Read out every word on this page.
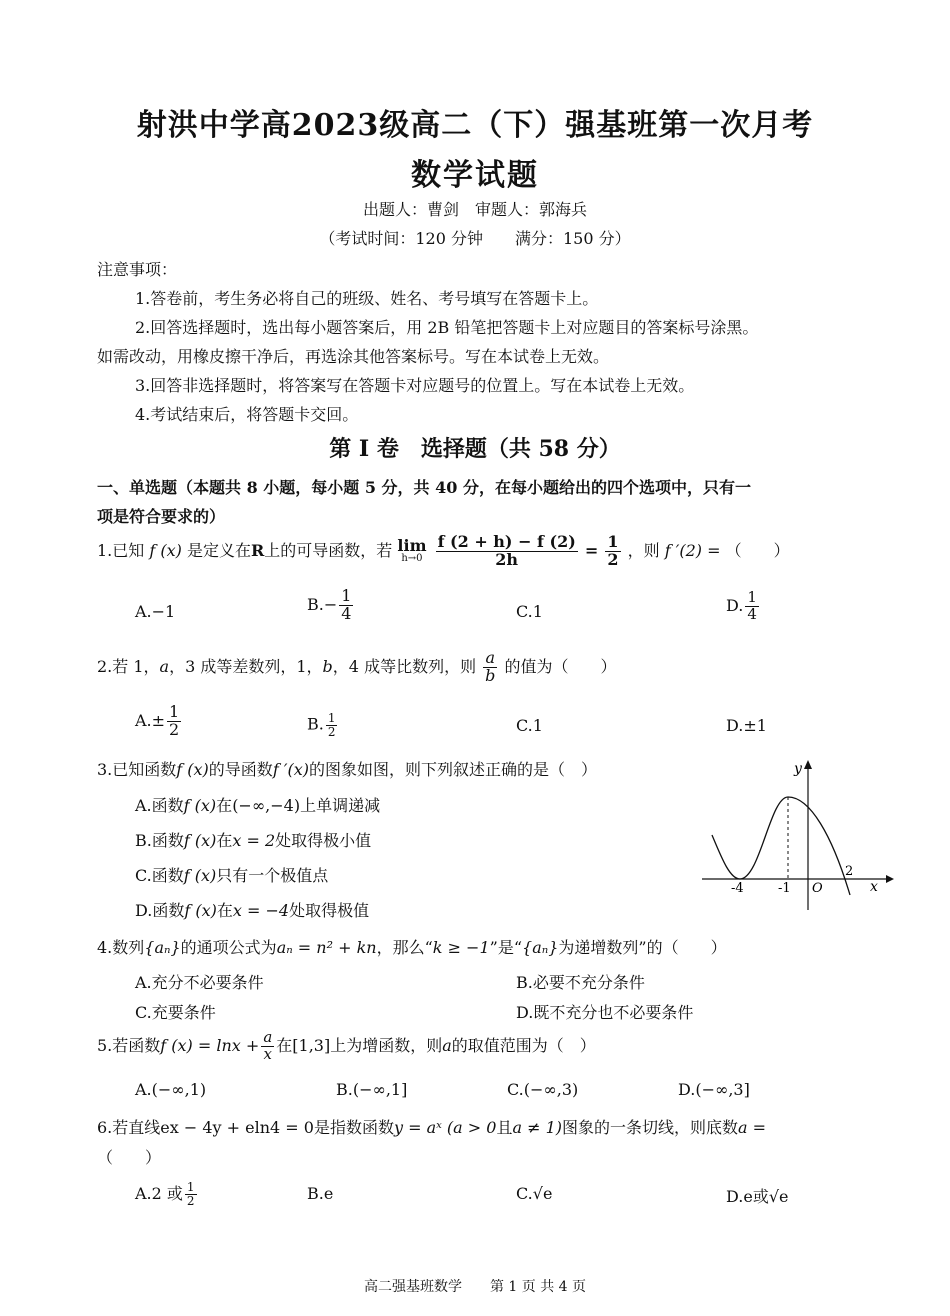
射洪中学高2023级高二（下）强基班第一次月考
数学试题
出题人：曹剑　审题人：郭海兵
（考试时间：120 分钟　　满分：150 分）
注意事项：
1.答卷前，考生务必将自己的班级、姓名、考号填写在答题卡上。
2.回答选择题时，选出每小题答案后，用 2B 铅笔把答题卡上对应题目的答案标号涂黑。
如需改动，用橡皮擦干净后，再选涂其他答案标号。写在本试卷上无效。
3.回答非选择题时，将答案写在答题卡对应题号的位置上。写在本试卷上无效。
4.考试结束后，将答题卡交回。
第 I 卷　选择题（共 58 分）
一、单选题（本题共 8 小题，每小题 5 分，共 40 分，在每小题给出的四个选项中，只有一
项是符合要求的）
1.已知 f (x) 是定义在R上的可导函数，若 lim
h→0
$\frac{f (2 + h) - f (2)}{2h} = \frac{1}{2}$ ，则 f ′(2) = （　　）
A.−1	$B.- \frac{1}{4}$	C.1	D. $\frac{1}{4}$
2.若 1，a，3 成等差数列，1，b，4 成等比数列，则 $\frac{a}{b}$ 的值为（　　）
$A.\pm \frac{1}{2}$	B. $\frac{1}{2}$	C.1	D.±1
3.已知函数f (x)的导函数f ′(x)的图象如图，则下列叙述正确的是（　）
A.函数f (x)在(−∞,−4)上单调递减
B.函数f (x)在x = 2处取得极小值
C.函数f (x)只有一个极值点
D.函数f (x)在x = −4处取得极值
y
x
O
-4	-1
2
4.数列{aₙ}的通项公式为aₙ = n² + kn，那么“k ≥ −1”是“{aₙ}为递增数列”的（　　）
A.充分不必要条件	B.必要不充分条件
C.充要条件	D.既不充分也不必要条件
5.若函数f $(x) = \ln x + \frac{a}{x}$ 在[1,3]上为增函数，则a的取值范围为（　）
A.(−∞,1)	B.(−∞,1]	C.(−∞,3)	D.(−∞,3]
6.若直线ex − 4y + eln4 = 0是指数函数y = aˣ (a > 0且a ≠ 1)图象的一条切线，则底数a =
（　　）
A.2 或 $\frac{1}{2}$	B.e	C.√e	D.e或√e
高二强基班数学　　第 1 页 共 4 页
